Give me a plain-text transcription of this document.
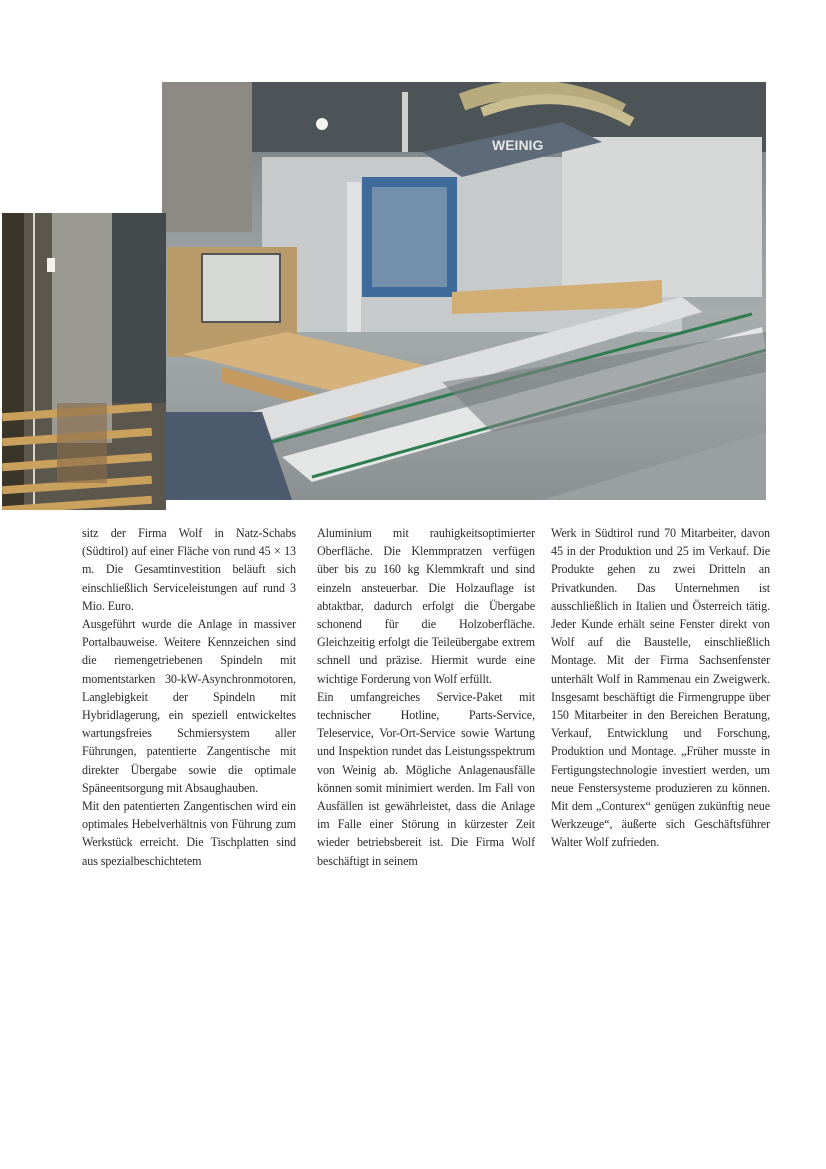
WEINIG

sitz der Firma Wolf in Natz-Schabs (Südtirol) auf einer Fläche von rund 45 × 13 m. Die Gesamtinvestition beläuft sich einschließlich Serviceleistungen auf rund 3 Mio. Euro.

Ausgeführt wurde die Anlage in massiver Portalbauweise. Weitere Kennzeichen sind die riemengetriebenen Spindeln mit momentstarken 30-kW-Asynchronmotoren, Langlebigkeit der Spindeln mit Hybridlagerung, ein speziell entwickeltes wartungsfreies Schmiersystem aller Führungen, patentierte Zangentische mit direkter Übergabe sowie die optimale Späneentsorgung mit Absaughauben.

Mit den patentierten Zangentischen wird ein optimales Hebelverhältnis von Führung zum Werkstück erreicht. Die Tischplatten sind aus spezialbeschichtetem

Aluminium mit rauhigkeitsoptimierter Oberfläche. Die Klemmpratzen verfügen über bis zu 160 kg Klemmkraft und sind einzeln ansteuerbar. Die Holzauflage ist abtaktbar, dadurch erfolgt die Übergabe schonend für die Holzoberfläche. Gleichzeitig erfolgt die Teileübergabe extrem schnell und präzise. Hiermit wurde eine wichtige Forderung von Wolf erfüllt.

Ein umfangreiches Service-Paket mit technischer Hotline, Parts-Service, Teleservice, Vor-Ort-Service sowie Wartung und Inspektion rundet das Leistungsspektrum von Weinig ab. Mögliche Anlagenausfälle können somit minimiert werden. Im Fall von Ausfällen ist gewährleistet, dass die Anlage im Falle einer Störung in kürzester Zeit wieder betriebsbereit ist. Die Firma Wolf beschäftigt in seinem

Werk in Südtirol rund 70 Mitarbeiter, davon 45 in der Produktion und 25 im Verkauf. Die Produkte gehen zu zwei Dritteln an Privatkunden. Das Unternehmen ist ausschließlich in Italien und Österreich tätig. Jeder Kunde erhält seine Fenster direkt von Wolf auf die Baustelle, einschließlich Montage. Mit der Firma Sachsenfenster unterhält Wolf in Rammenau ein Zweigwerk. Insgesamt beschäftigt die Firmengruppe über 150 Mitarbeiter in den Bereichen Beratung, Verkauf, Entwicklung und Forschung, Produktion und Montage. „Früher musste in Fertigungstechnologie investiert werden, um neue Fenstersysteme produzieren zu können. Mit dem „Conturex“ genügen zukünftig neue Werkzeuge“, äußerte sich Geschäftsführer Walter Wolf zufrieden.
